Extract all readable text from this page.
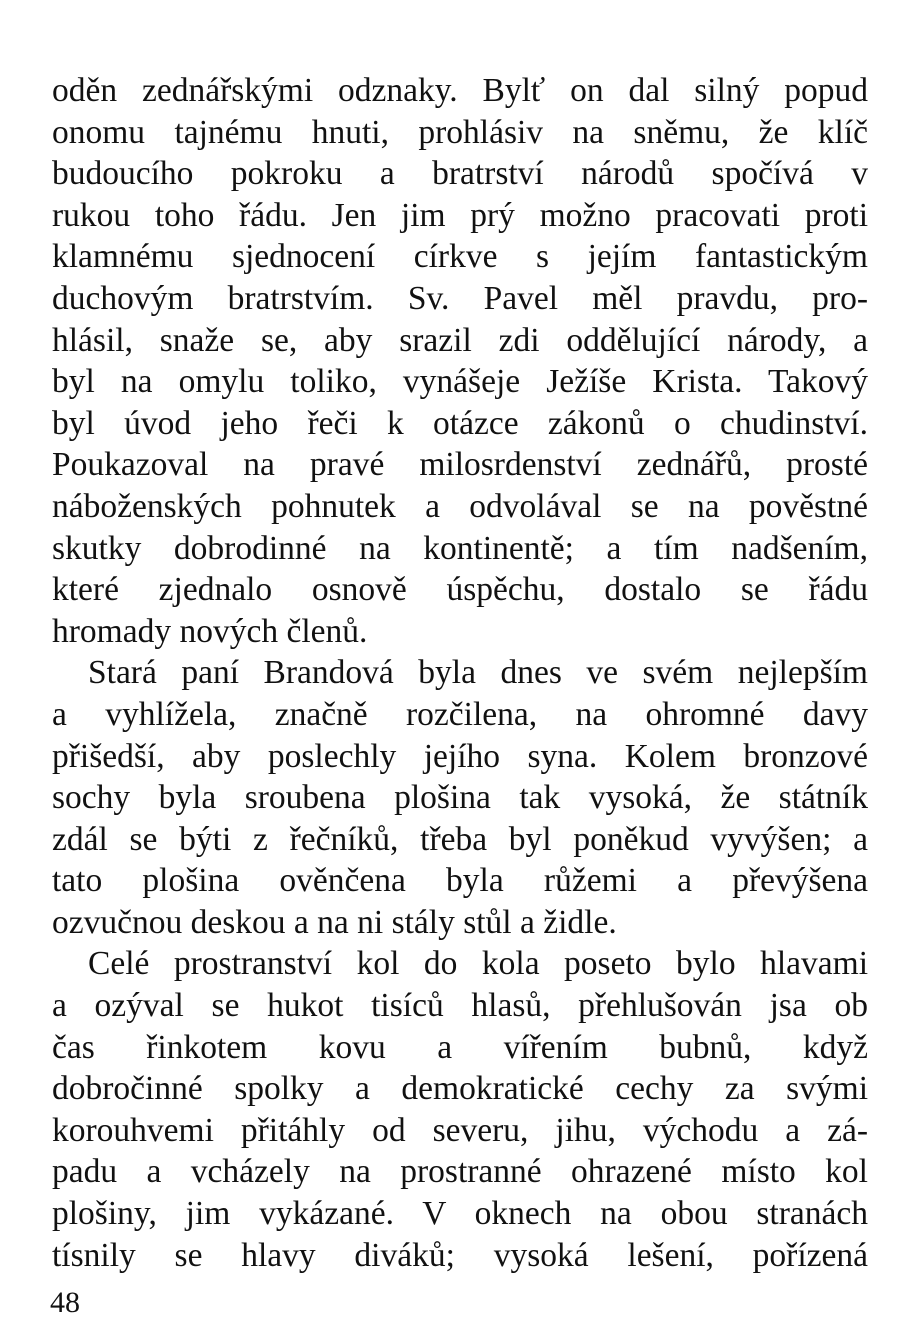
oděn zednářskými odznaky. Bylť on dal silný popud
onomu tajnému hnuti, prohlásiv na sněmu, že klíč
budoucího pokroku a bratrství národů spočívá v
rukou toho řádu. Jen jim prý možno pracovati proti
klamnému sjednocení církve s jejím fantastickým
duchovým bratrstvím. Sv. Pavel měl pravdu, pro-
hlásil, snaže se, aby srazil zdi oddělující národy, a
byl na omylu toliko, vynášeje Ježíše Krista. Takový
byl úvod jeho řeči k otázce zákonů o chudinství.
Poukazoval na pravé milosrdenství zednářů, prosté
náboženských pohnutek a odvolával se na pověstné
skutky dobrodinné na kontinentě; a tím nadšením,
které zjednalo osnově úspěchu, dostalo se řádu
hromady nových členů.
Stará paní Brandová byla dnes ve svém nejlepším
a vyhlížela, značně rozčilena, na ohromné davy
přišedší, aby poslechly jejího syna. Kolem bronzové
sochy byla sroubena plošina tak vysoká, že státník
zdál se býti z řečníků, třeba byl poněkud vyvýšen; a
tato plošina ověnčena byla růžemi a převýšena
ozvučnou deskou a na ni stály stůl a židle.
Celé prostranství kol do kola poseto bylo hlavami
a ozýval se hukot tisíců hlasů, přehlušován jsa ob
čas řinkotem kovu a vířením bubnů, když
dobročinné spolky a demokratické cechy za svými
korouhvemi přitáhly od severu, jihu, východu a zá-
padu a vcházely na prostranné ohrazené místo kol
plošiny, jim vykázané. V oknech na obou stranách
tísnily se hlavy diváků; vysoká lešení, pořízená
48
